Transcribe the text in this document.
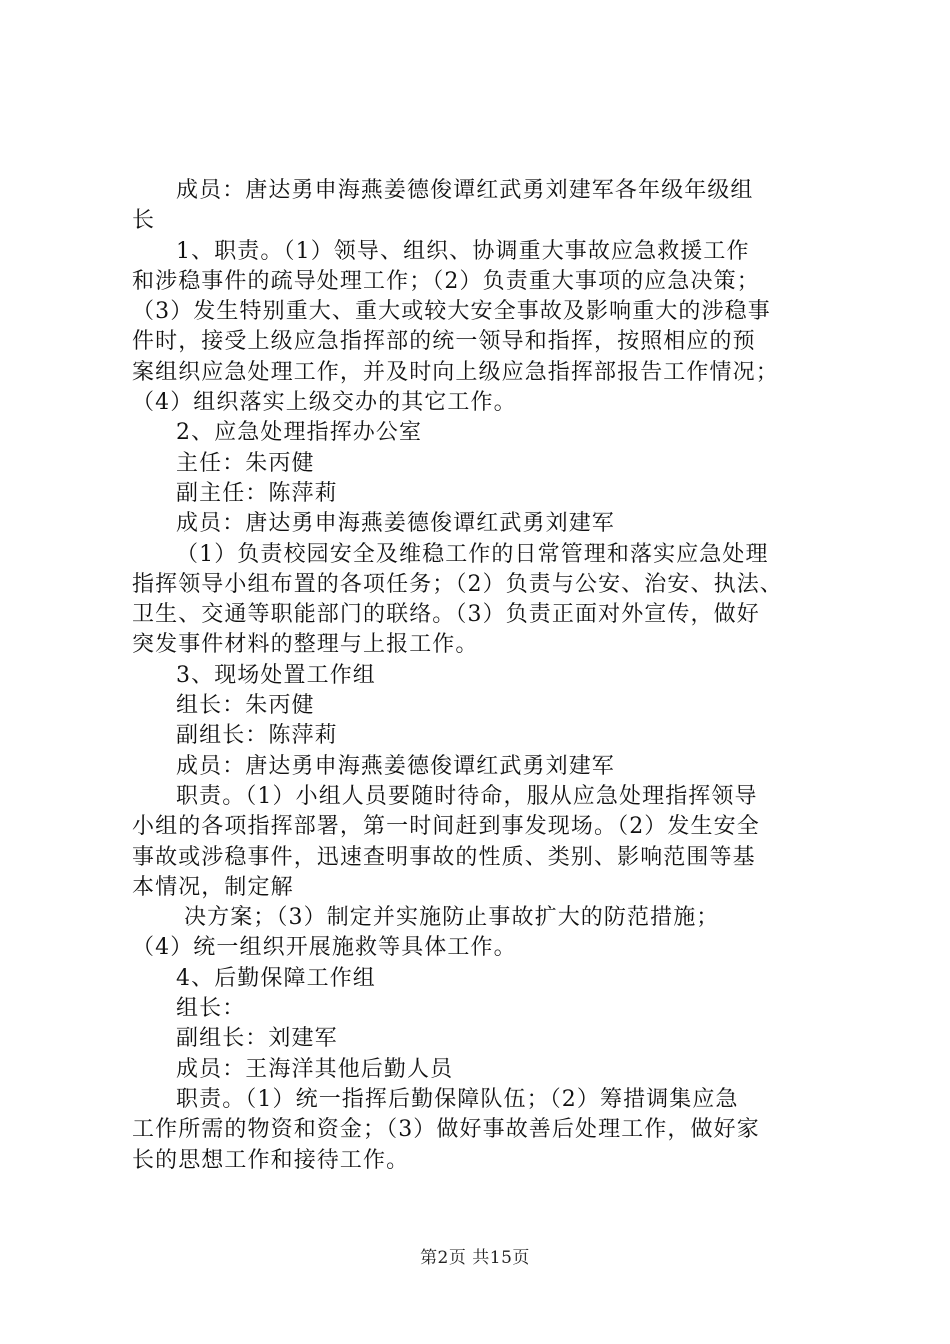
成员：唐达勇申海燕姜德俊谭红武勇刘建军各年级年级组
长
1、职责。（1）领导、组织、协调重大事故应急救援工作
和涉稳事件的疏导处理工作；（2）负责重大事项的应急决策；
（3）发生特别重大、重大或较大安全事故及影响重大的涉稳事
件时，接受上级应急指挥部的统一领导和指挥，按照相应的预
案组织应急处理工作，并及时向上级应急指挥部报告工作情况；
（4）组织落实上级交办的其它工作。
2、应急处理指挥办公室
主任：朱丙健
副主任：陈萍莉
成员：唐达勇申海燕姜德俊谭红武勇刘建军
（1）负责校园安全及维稳工作的日常管理和落实应急处理
指挥领导小组布置的各项任务；（2）负责与公安、治安、执法、
卫生、交通等职能部门的联络。（3）负责正面对外宣传，做好
突发事件材料的整理与上报工作。
3、现场处置工作组
组长：朱丙健
副组长：陈萍莉
成员：唐达勇申海燕姜德俊谭红武勇刘建军
职责。（1）小组人员要随时待命，服从应急处理指挥领导
小组的各项指挥部署，第一时间赶到事发现场。（2）发生安全
事故或涉稳事件，迅速查明事故的性质、类别、影响范围等基
本情况，制定解
决方案；（3）制定并实施防止事故扩大的防范措施；
（4）统一组织开展施救等具体工作。
4、后勤保障工作组
组长：
副组长：刘建军
成员：王海洋其他后勤人员
职责。（1）统一指挥后勤保障队伍；（2）筹措调集应急
工作所需的物资和资金；（3）做好事故善后处理工作，做好家
长的思想工作和接待工作。
第2页 共15页
